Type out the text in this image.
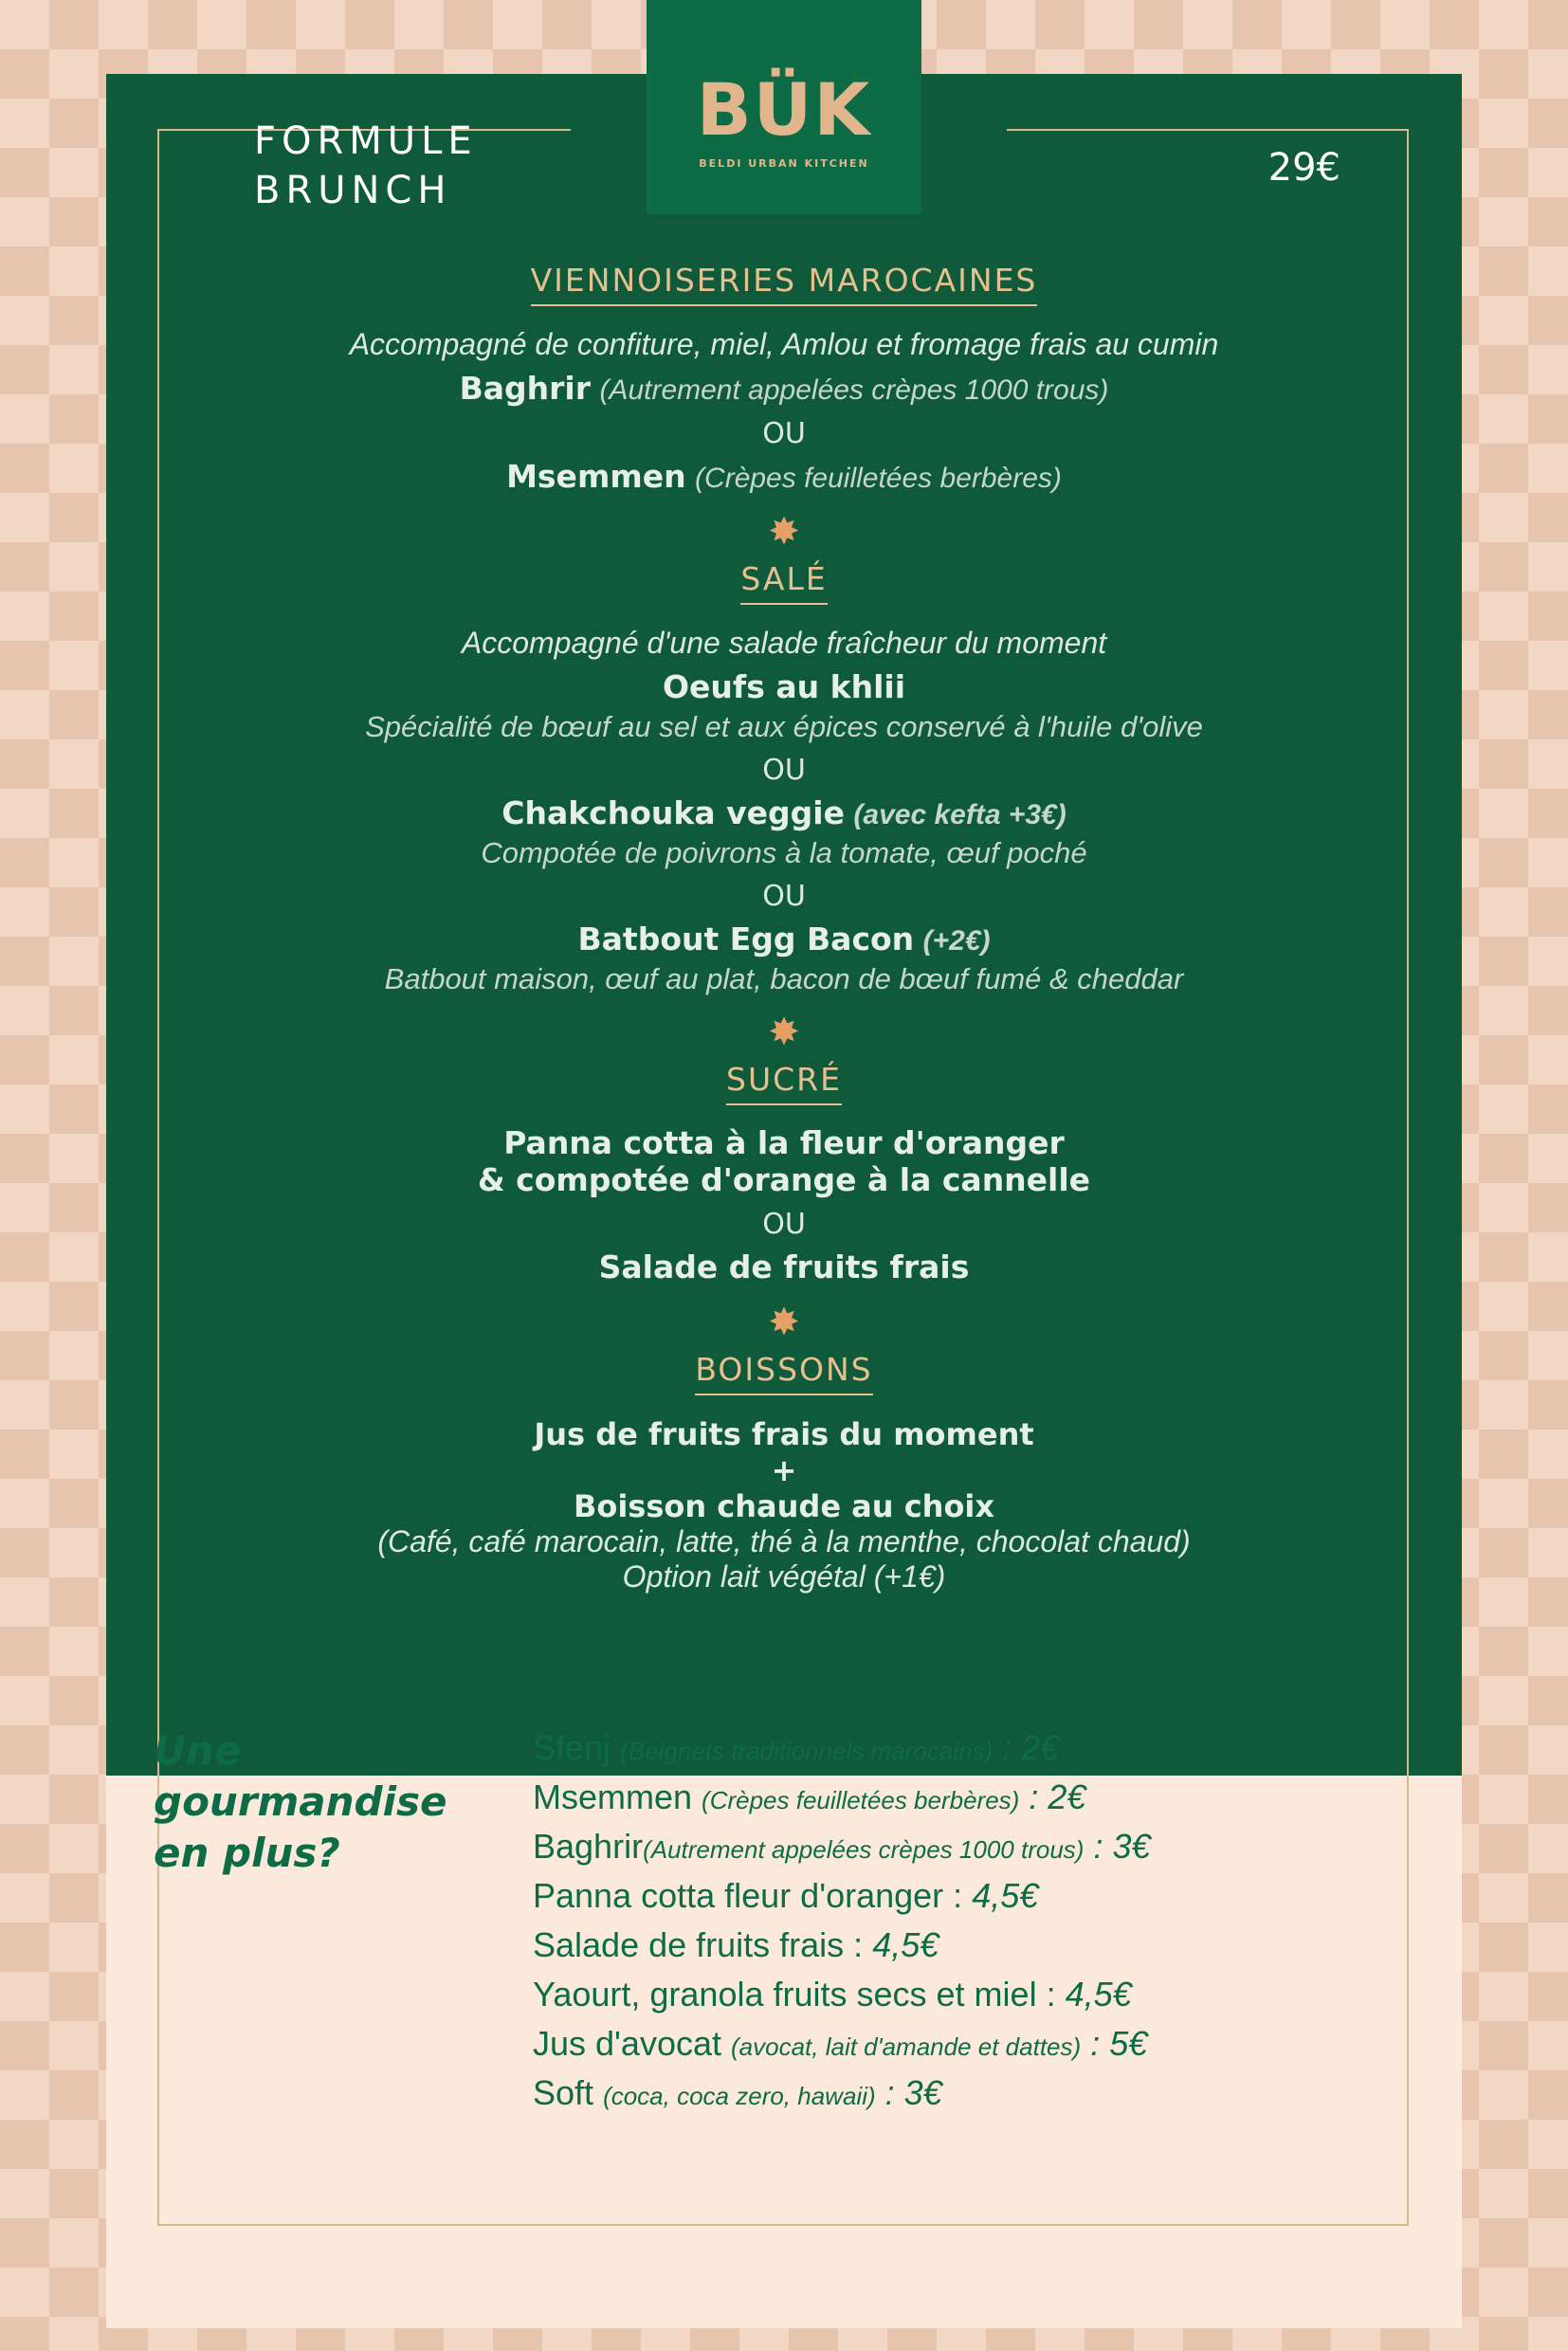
BÜK
BELDI URBAN KITCHEN
FORMULE
BRUNCH
29€
VIENNOISERIES MAROCAINES
Accompagné de confiture, miel, Amlou et fromage frais au cumin
Baghrir (Autrement appelées crèpes 1000 trous)
OU
Msemmen (Crèpes feuilletées berbères)
✸
SALÉ
Accompagné d'une salade fraîcheur du moment
Oeufs au khlii
Spécialité de bœuf au sel et aux épices conservé à l'huile d'olive
OU
Chakchouka veggie (avec kefta +3€)
Compotée de poivrons à la tomate, œuf poché
OU
Batbout Egg Bacon (+2€)
Batbout maison, œuf au plat, bacon de bœuf fumé & cheddar
✸
SUCRÉ
Panna cotta à la fleur d'oranger
& compotée d'orange à la cannelle
OU
Salade de fruits frais
✸
BOISSONS
Jus de fruits frais du moment
+
Boisson chaude au choix
(Café, café marocain, latte, thé à la menthe, chocolat chaud)
Option lait végétal (+1€)
Une
gourmandise
en plus?
Sfenj (Beignets traditionnels marocains) : 2€
Msemmen (Crèpes feuilletées berbères) : 2€
Baghrir(Autrement appelées crèpes 1000 trous) : 3€
Panna cotta fleur d'oranger : 4,5€
Salade de fruits frais : 4,5€
Yaourt, granola fruits secs et miel : 4,5€
Jus d'avocat (avocat, lait d'amande et dattes) : 5€
Soft (coca, coca zero, hawaii) : 3€
